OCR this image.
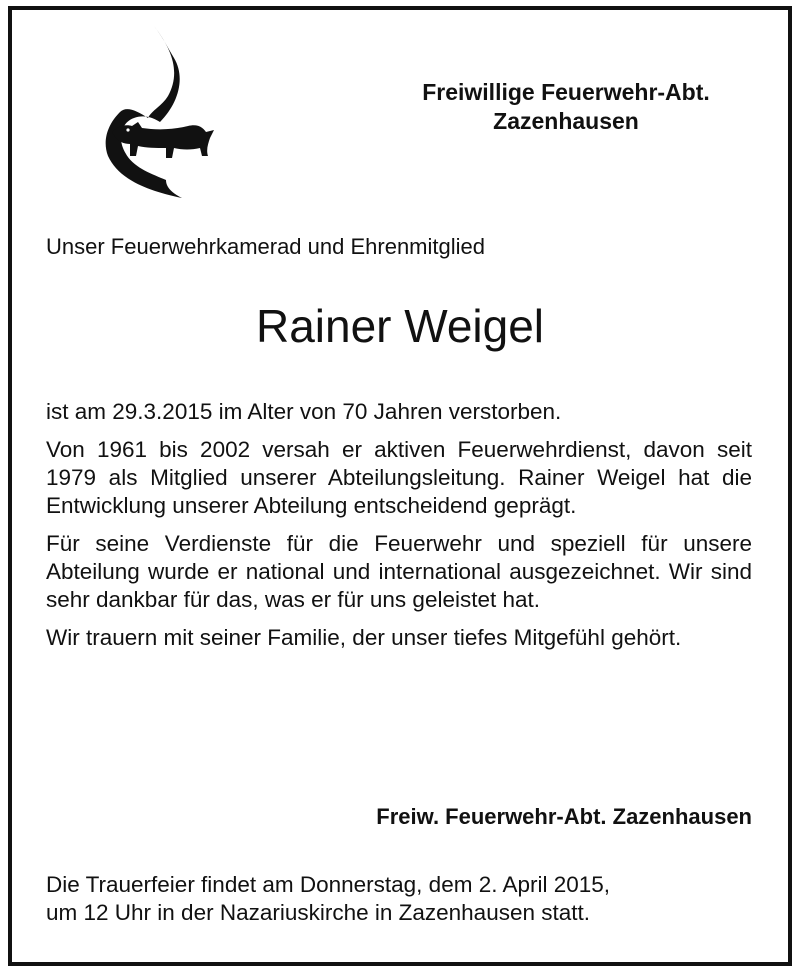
Freiwillige Feuerwehr-Abt.
Zazenhausen
Unser Feuerwehrkamerad und Ehrenmitglied
Rainer Weigel

ist am 29.3.2015 im Alter von 70 Jahren verstorben.

Von 1961 bis 2002 versah er aktiven Feuerwehrdienst, davon seit 1979 als Mitglied unserer Abteilungsleitung. Rainer Weigel hat die Entwicklung unserer Abteilung entscheidend geprägt.

Für seine Verdienste für die Feuerwehr und speziell für unsere Abteilung wurde er national und international ausgezeichnet. Wir sind sehr dankbar für das, was er für uns geleistet hat.

Wir trauern mit seiner Familie, der unser tiefes Mitgefühl gehört.

Freiw. Feuerwehr-Abt. Zazenhausen
Die Trauerfeier findet am Donnerstag, dem 2. April 2015,
um 12 Uhr in der Nazariuskirche in Zazenhausen statt.
